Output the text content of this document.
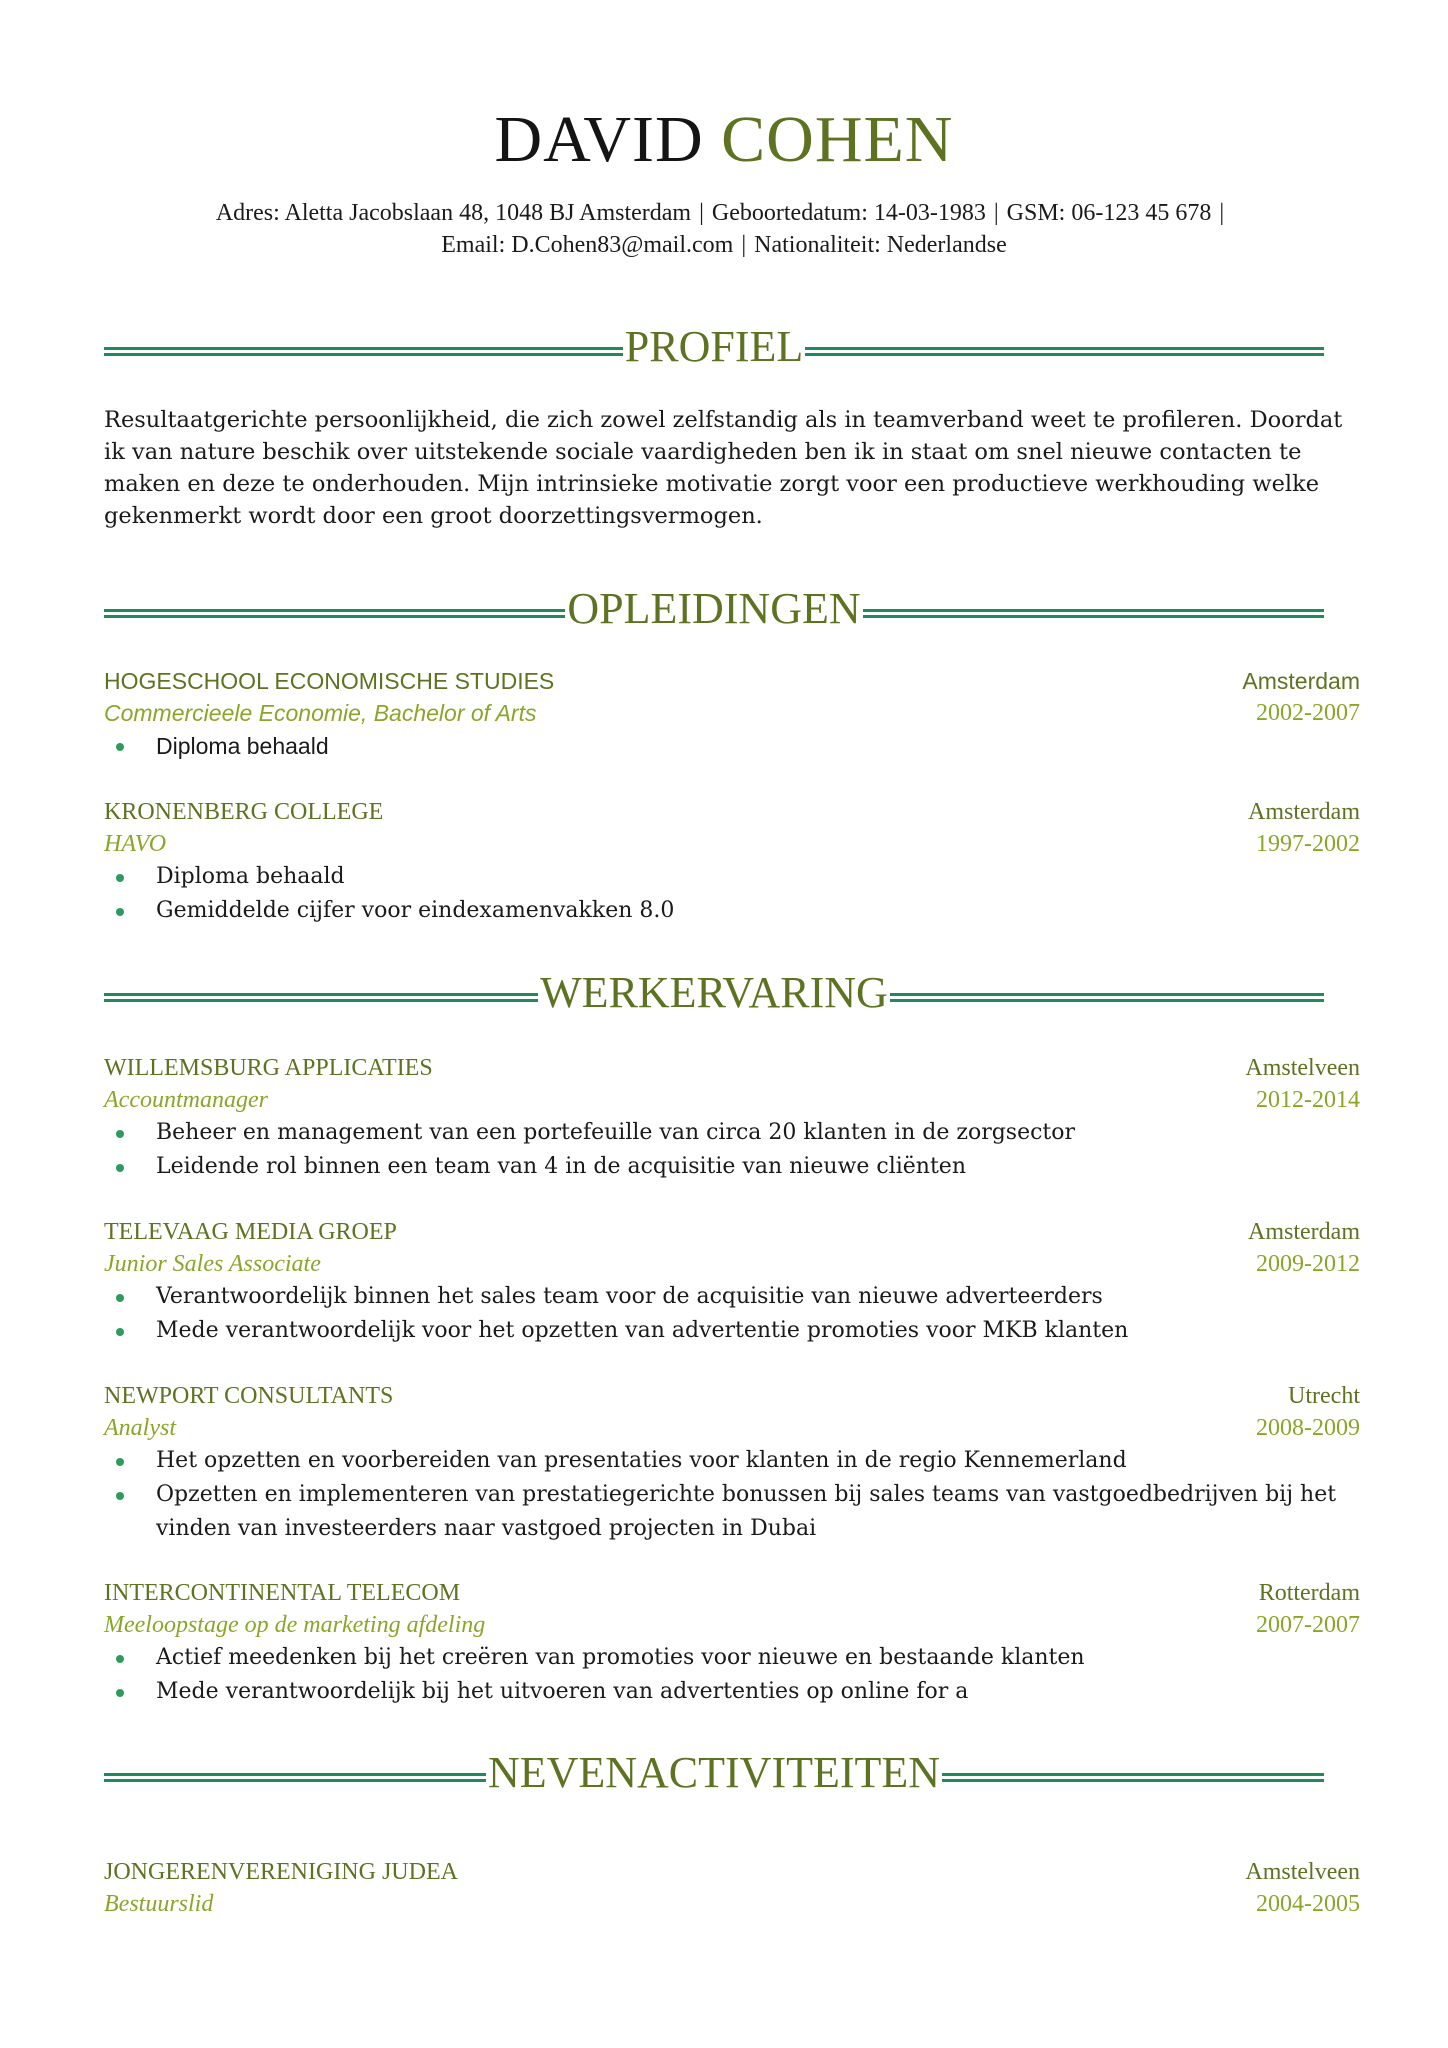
DAVID COHEN
Adres: Aletta Jacobslaan 48, 1048 BJ Amsterdam | Geboortedatum: 14-03-1983 | GSM: 06-123 45 678 |
Email: D.Cohen83@mail.com | Nationaliteit: Nederlandse
PROFIEL
Resultaatgerichte persoonlijkheid, die zich zowel zelfstandig als in teamverband weet te profileren. Doordat ik van nature beschik over uitstekende sociale vaardigheden ben ik in staat om snel nieuwe contacten te maken en deze te onderhouden. Mijn intrinsieke motivatie zorgt voor een productieve werkhouding welke gekenmerkt wordt door een groot doorzettingsvermogen.
OPLEIDINGEN
HOGESCHOOL ECONOMISCHE STUDIES	Amsterdam
Commercieele Economie, Bachelor of Arts	2002-2007
Diploma behaald
KRONENBERG COLLEGE	Amsterdam
HAVO	1997-2002
Diploma behaald
Gemiddelde cijfer voor eindexamenvakken 8.0
WERKERVARING
WILLEMSBURG APPLICATIES	Amstelveen
Accountmanager	2012-2014
Beheer en management van een portefeuille van circa 20 klanten in de zorgsector
Leidende rol binnen een team van 4 in de acquisitie van nieuwe cliënten
TELEVAAG MEDIA GROEP	Amsterdam
Junior Sales Associate	2009-2012
Verantwoordelijk binnen het sales team voor de acquisitie van nieuwe adverteerders
Mede verantwoordelijk voor het opzetten van advertentie promoties voor MKB klanten
NEWPORT CONSULTANTS	Utrecht
Analyst	2008-2009
Het opzetten en voorbereiden van presentaties voor klanten in de regio Kennemerland
Opzetten en implementeren van prestatiegerichte bonussen bij sales teams van vastgoedbedrijven bij het
vinden van investeerders naar vastgoed projecten in Dubai
INTERCONTINENTAL TELECOM	Rotterdam
Meeloopstage op de marketing afdeling	2007-2007
Actief meedenken bij het creëren van promoties voor nieuwe en bestaande klanten
Mede verantwoordelijk bij het uitvoeren van advertenties op online for a
NEVENACTIVITEITEN
JONGERENVERENIGING JUDEA	Amstelveen
Bestuurslid	2004-2005
